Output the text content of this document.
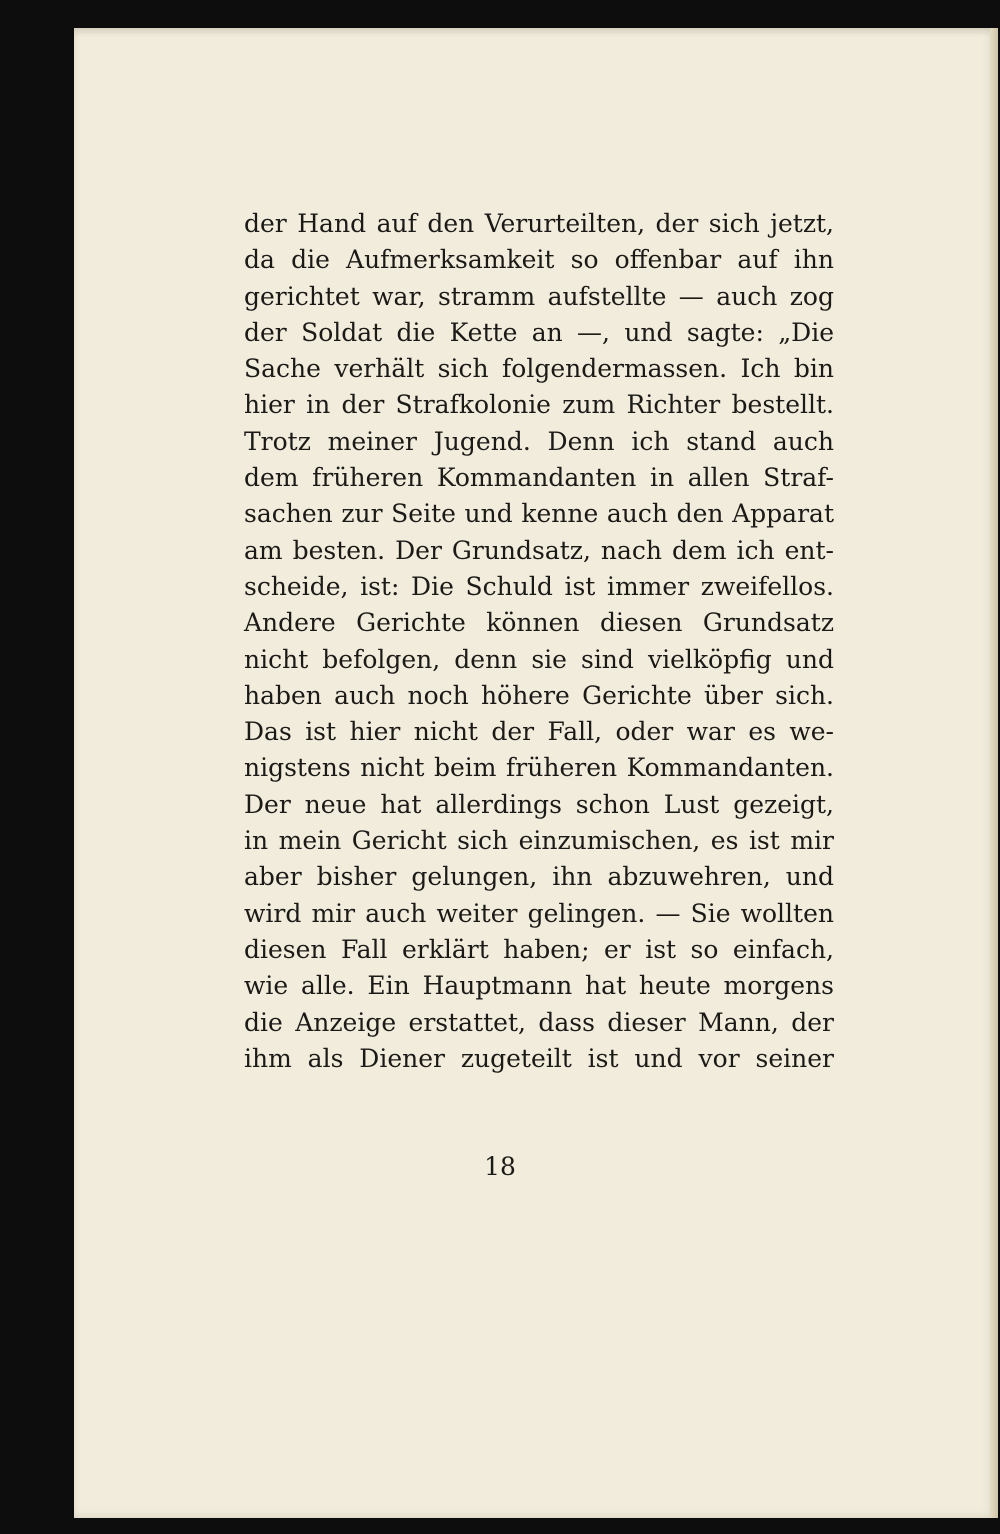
der Hand auf den Verurteilten, der sich jetzt,
da die Aufmerksamkeit so offenbar auf ihn
gerichtet war, stramm aufstellte — auch zog
der Soldat die Kette an —, und sagte: „Die
Sache verhält sich folgendermassen. Ich bin
hier in der Strafkolonie zum Richter bestellt.
Trotz meiner Jugend. Denn ich stand auch
dem früheren Kommandanten in allen Straf-
sachen zur Seite und kenne auch den Apparat
am besten. Der Grundsatz, nach dem ich ent-
scheide, ist: Die Schuld ist immer zweifellos.
Andere Gerichte können diesen Grundsatz
nicht befolgen, denn sie sind vielköpfig und
haben auch noch höhere Gerichte über sich.
Das ist hier nicht der Fall, oder war es we-
nigstens nicht beim früheren Kommandanten.
Der neue hat allerdings schon Lust gezeigt,
in mein Gericht sich einzumischen, es ist mir
aber bisher gelungen, ihn abzuwehren, und
wird mir auch weiter gelingen. — Sie wollten
diesen Fall erklärt haben; er ist so einfach,
wie alle. Ein Hauptmann hat heute morgens
die Anzeige erstattet, dass dieser Mann, der
ihm als Diener zugeteilt ist und vor seiner
18
